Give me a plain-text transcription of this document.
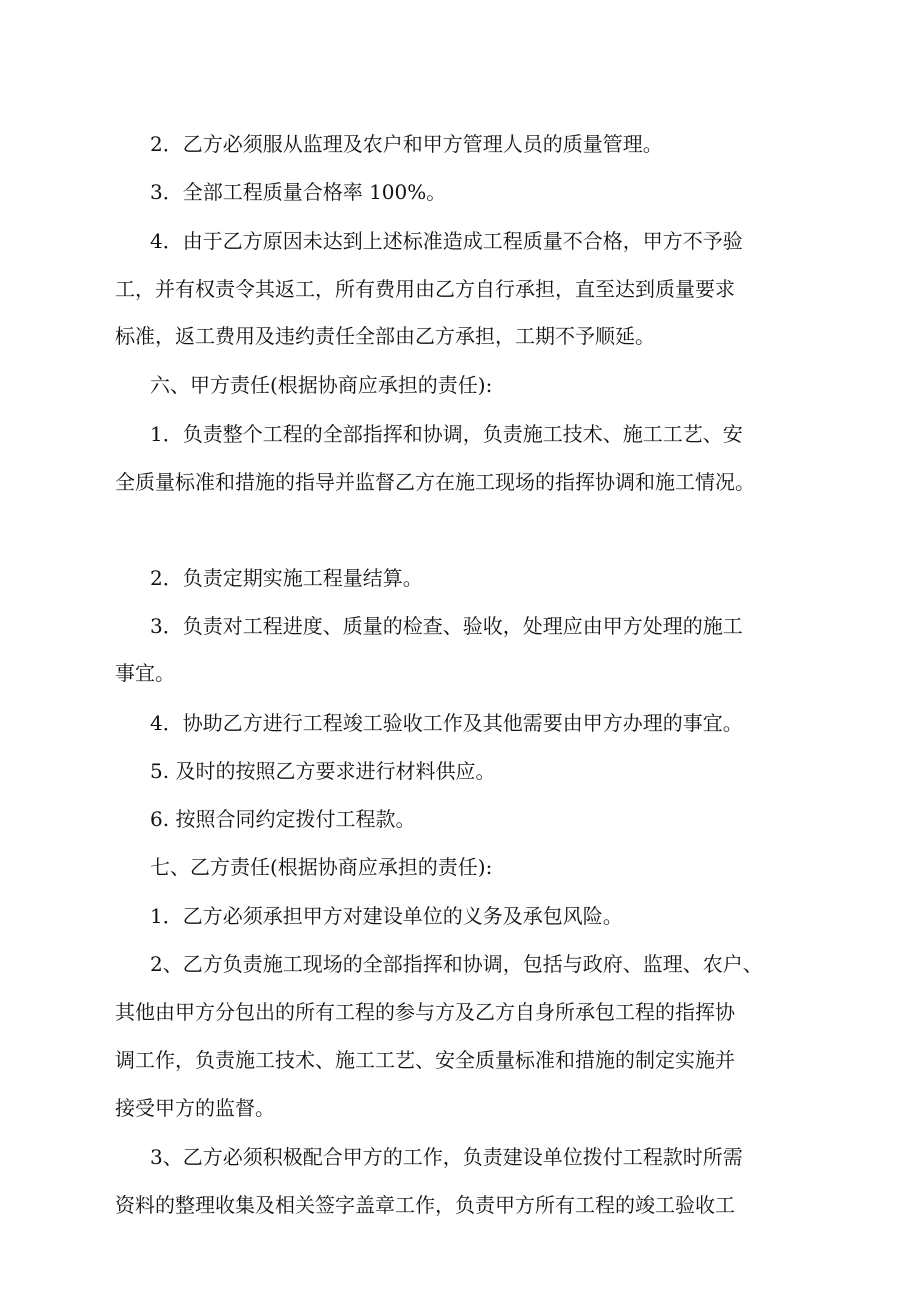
2．乙方必须服从监理及农户和甲方管理人员的质量管理。
3．全部工程质量合格率 100%。
4．由于乙方原因未达到上述标准造成工程质量不合格，甲方不予验
工，并有权责令其返工，所有费用由乙方自行承担，直至达到质量要求
标准，返工费用及违约责任全部由乙方承担，工期不予顺延。
六、甲方责任(根据协商应承担的责任):
1．负责整个工程的全部指挥和协调，负责施工技术、施工工艺、安
全质量标准和措施的指导并监督乙方在施工现场的指挥协调和施工情况。
2．负责定期实施工程量结算。
3．负责对工程进度、质量的检查、验收，处理应由甲方处理的施工
事宜。
4．协助乙方进行工程竣工验收工作及其他需要由甲方办理的事宜。
5. 及时的按照乙方要求进行材料供应。
6. 按照合同约定拨付工程款。
七、乙方责任(根据协商应承担的责任):
1．乙方必须承担甲方对建设单位的义务及承包风险。
2、乙方负责施工现场的全部指挥和协调，包括与政府、监理、农户、
其他由甲方分包出的所有工程的参与方及乙方自身所承包工程的指挥协
调工作，负责施工技术、施工工艺、安全质量标准和措施的制定实施并
接受甲方的监督。
3、乙方必须积极配合甲方的工作，负责建设单位拨付工程款时所需
资料的整理收集及相关签字盖章工作，负责甲方所有工程的竣工验收工
